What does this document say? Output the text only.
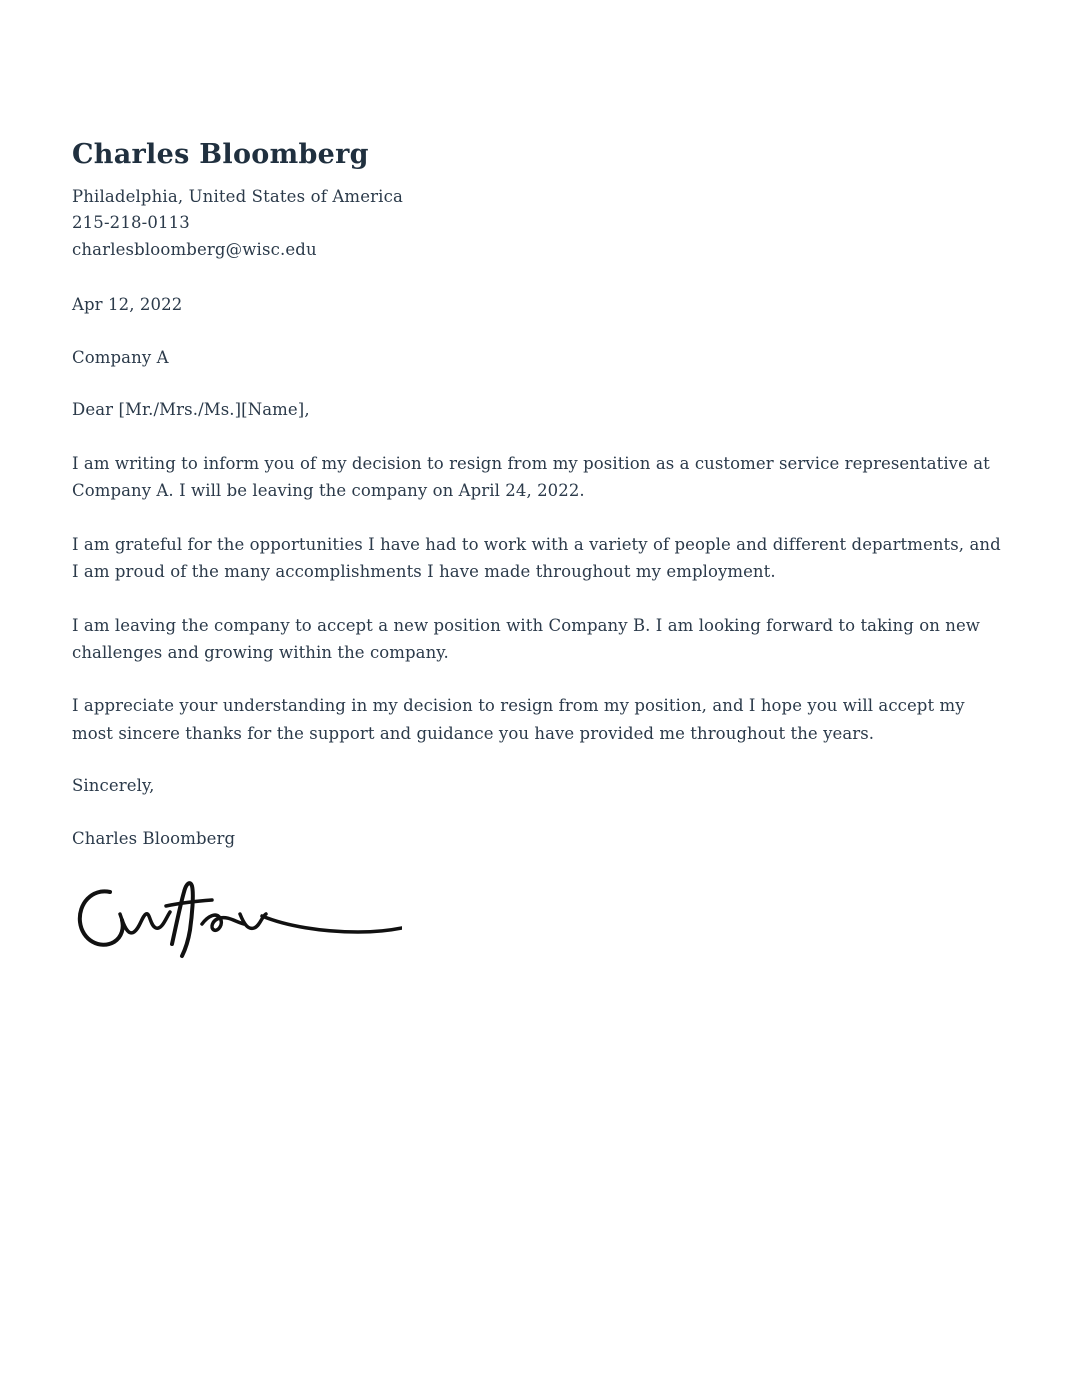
Charles Bloomberg

Philadelphia, United States of America

215-218-0113

charlesbloomberg@wisc.edu

Apr 12, 2022

Company A

Dear [Mr./Mrs./Ms.][Name],

I am writing to inform you of my decision to resign from my position as a customer service representative at Company A. I will be leaving the company on April 24, 2022.

I am grateful for the opportunities I have had to work with a variety of people and different departments, and I am proud of the many accomplishments I have made throughout my employment.

I am leaving the company to accept a new position with Company B. I am looking forward to taking on new challenges and growing within the company.

I appreciate your understanding in my decision to resign from my position, and I hope you will accept my most sincere thanks for the support and guidance you have provided me throughout the years.

Sincerely,

Charles Bloomberg
